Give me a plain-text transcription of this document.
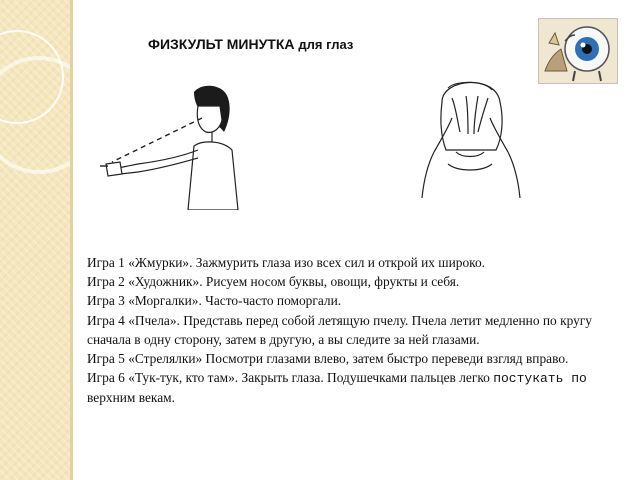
ФИЗКУЛЬТ МИНУТКА для глаз

Игра 1 «Жмурки». Зажмурить глаза изо всех сил и открой их широко.

Игра 2 «Художник». Рисуем носом буквы, овощи, фрукты и себя.

Игра 3 «Моргалки». Часто-часто поморгали.

Игра 4 «Пчела». Представь перед собой летящую пчелу. Пчела летит медленно по кругу сначала в одну сторону, затем в другую, а вы следите за ней глазами.

Игра 5 «Стрелялки» Посмотри глазами влево, затем быстро переведи взгляд вправо.

Игра 6 «Тук-тук, кто там». Закрыть глаза. Подушечками пальцев легко постукать по верхним векам.
